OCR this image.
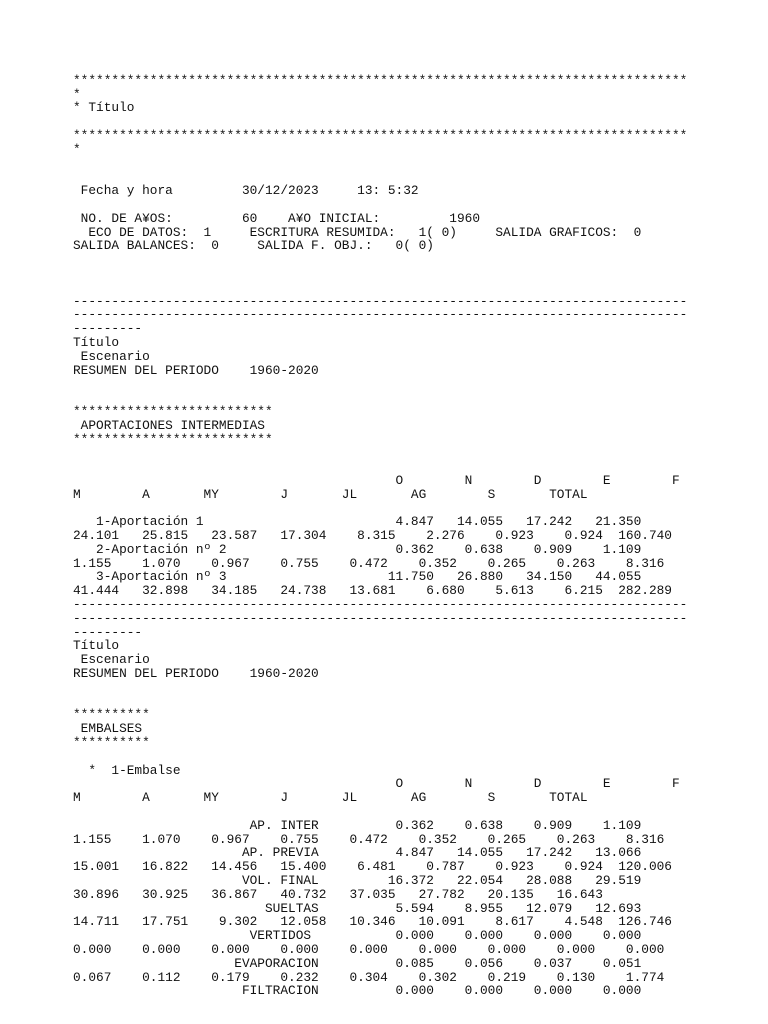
********************************************************************************
*
* Título
********************************************************************************
*
Fecha y hora         30/12/2023     13: 5:32
NO. DE A¥OS:         60    A¥O INICIAL:         1960
ECO DE DATOS:  1     ESCRITURA RESUMIDA:   1( 0)     SALIDA GRAFICOS:  0
SALIDA BALANCES:  0     SALIDA F. OBJ.:   0( 0)
--------------------------------------------------------------------------------
--------------------------------------------------------------------------------
---------
Título
Escenario
RESUMEN DEL PERIODO    1960-2020
**************************
APORTACIONES INTERMEDIAS
**************************
O        N        D        E        F
M        A       MY        J       JL       AG        S       TOTAL
1-Aportación 1                         4.847   14.055   17.242   21.350
24.101   25.815   23.587   17.304    8.315    2.276    0.923    0.924  160.740
2-Aportación nº 2                      0.362    0.638    0.909    1.109
1.155    1.070    0.967    0.755    0.472    0.352    0.265    0.263    8.316
3-Aportación nº 3                     11.750   26.880   34.150   44.055
41.444   32.898   34.185   24.738   13.681    6.680    5.613    6.215  282.289
--------------------------------------------------------------------------------
--------------------------------------------------------------------------------
---------
Título
Escenario
RESUMEN DEL PERIODO    1960-2020
**********
EMBALSES
**********
*  1-Embalse
O        N        D        E        F
M        A       MY        J       JL       AG        S       TOTAL
AP. INTER          0.362    0.638    0.909    1.109
1.155    1.070    0.967    0.755    0.472    0.352    0.265    0.263    8.316
AP. PREVIA          4.847   14.055   17.242   13.066
15.001   16.822   14.456   15.400    6.481    0.787    0.923    0.924  120.006
VOL. FINAL         16.372   22.054   28.088   29.519
30.896   30.925   36.867   40.732   37.035   27.782   20.135   16.643
SUELTAS          5.594    8.955   12.079   12.693
14.711   17.751    9.302   12.058   10.346   10.091    8.617    4.548  126.746
VERTIDOS           0.000    0.000    0.000    0.000
0.000    0.000    0.000    0.000    0.000    0.000    0.000    0.000    0.000
EVAPORACION          0.085    0.056    0.037    0.051
0.067    0.112    0.179    0.232    0.304    0.302    0.219    0.130    1.774
FILTRACION          0.000    0.000    0.000    0.000
